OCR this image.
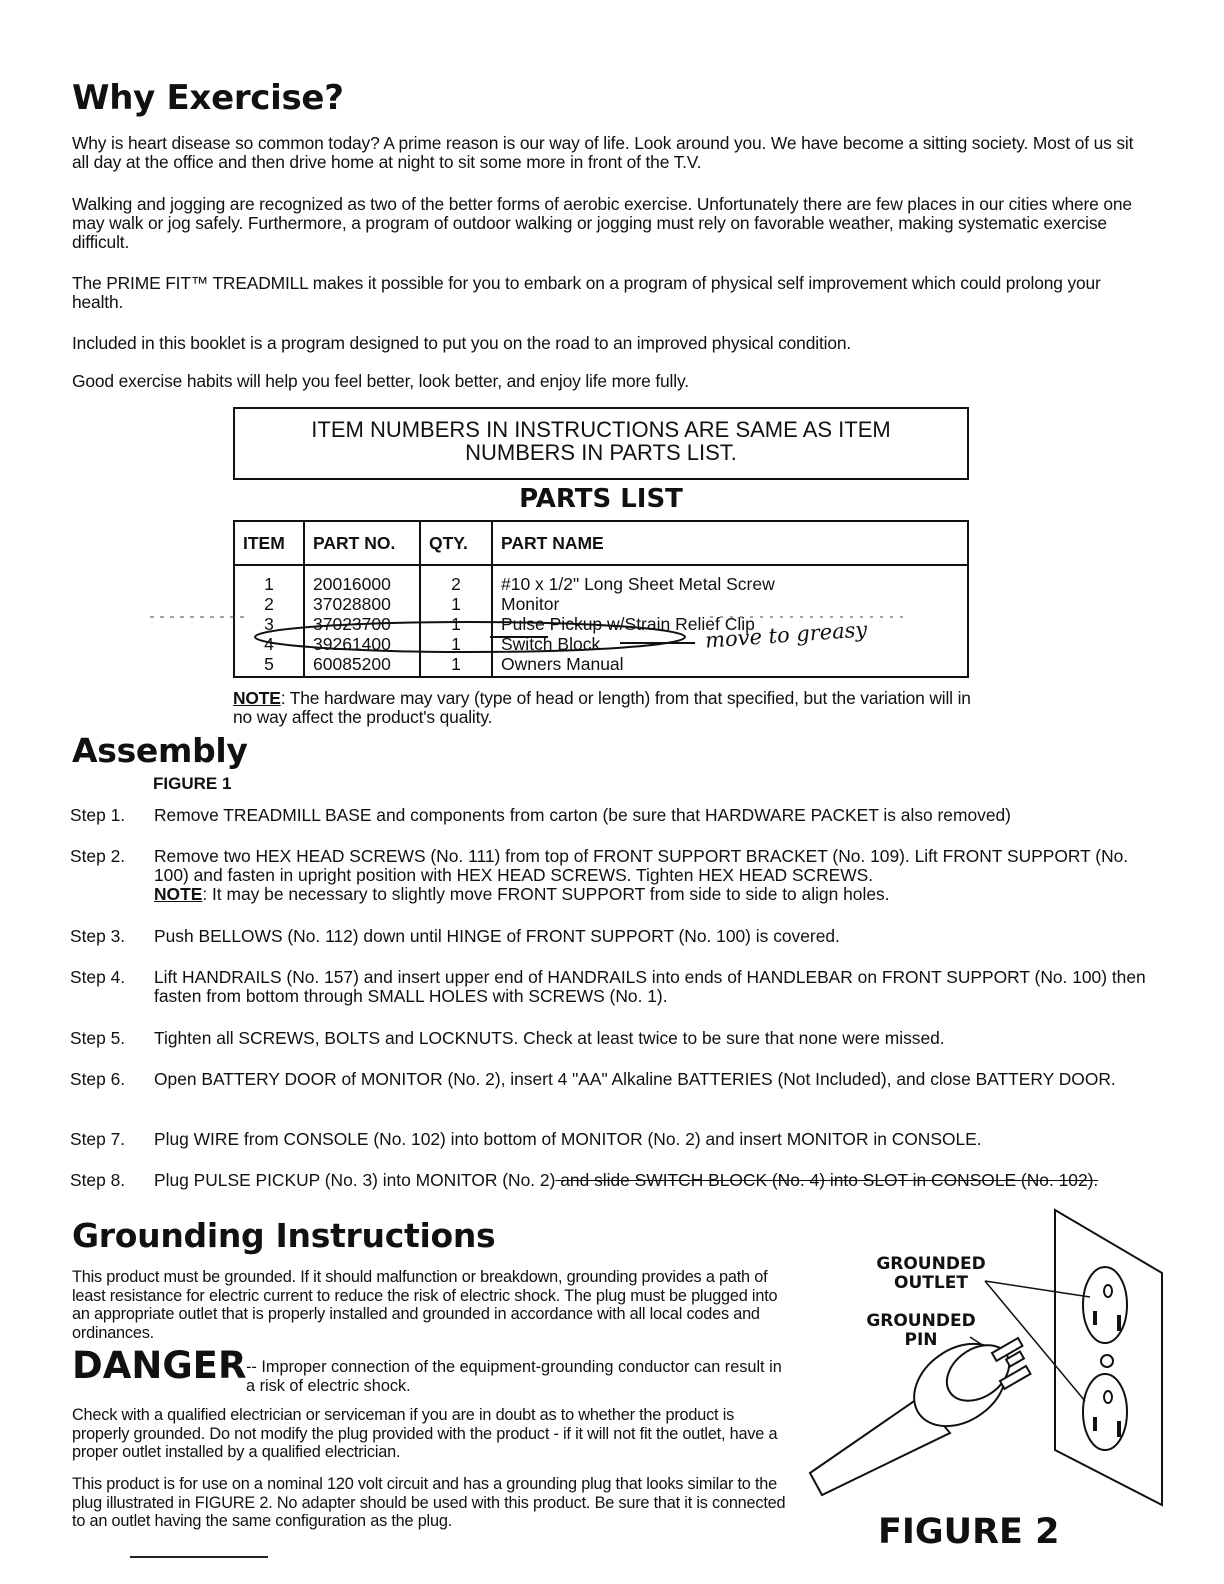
Why Exercise?

Why is heart disease so common today? A prime reason is our way of life. Look around you. We have become a sitting society. Most of us sit all day at the office and then drive home at night to sit some more in front of the T.V.

Walking and jogging are recognized as two of the better forms of aerobic exercise. Unfortunately there are few places in our cities where one may walk or jog safely. Furthermore, a program of outdoor walking or jogging must rely on favorable weather, making systematic exercise difficult.

The PRIME FIT™ TREADMILL makes it possible for you to embark on a program of physical self improvement which could prolong your health.

Included in this booklet is a program designed to put you on the road to an improved physical condition.

Good exercise habits will help you feel better, look better, and enjoy life more fully.

ITEM NUMBERS IN INSTRUCTIONS ARE SAME AS ITEM NUMBERS IN PARTS LIST.
PARTS LIST
ITEM	PART NO.	QTY.	PART NAME
1	20016000	2	#10 x 1/2" Long Sheet Metal Screw
2	37028800	1	Monitor
3	37023700	1	Pulse Pickup w/Strain Relief Clip
4	39261400	1	Switch Block
5	60085200	1	Owners Manual
move to greasy

NOTE: The hardware may vary (type of head or length) from that specified, but the variation will in no way affect the product's quality.

Assembly
FIGURE 1
Step 1. Remove TREADMILL BASE and components from carton (be sure that HARDWARE PACKET is also removed)
Step 2. Remove two HEX HEAD SCREWS (No. 111) from top of FRONT SUPPORT BRACKET (No. 109). Lift FRONT SUPPORT (No. 100) and fasten in upright position with HEX HEAD SCREWS. Tighten HEX HEAD SCREWS.
NOTE: It may be necessary to slightly move FRONT SUPPORT from side to side to align holes.
Step 3. Push BELLOWS (No. 112) down until HINGE of FRONT SUPPORT (No. 100) is covered.
Step 4. Lift HANDRAILS (No. 157) and insert upper end of HANDRAILS into ends of HANDLEBAR on FRONT SUPPORT (No. 100) then fasten from bottom through SMALL HOLES with SCREWS (No. 1).
Step 5. Tighten all SCREWS, BOLTS and LOCKNUTS. Check at least twice to be sure that none were missed.
Step 6. Open BATTERY DOOR of MONITOR (No. 2), insert 4 "AA" Alkaline BATTERIES (Not Included), and close BATTERY DOOR.
Step 7. Plug WIRE from CONSOLE (No. 102) into bottom of MONITOR (No. 2) and insert MONITOR in CONSOLE.
Step 8. Plug PULSE PICKUP (No. 3) into MONITOR (No. 2) and slide SWITCH BLOCK (No. 4) into SLOT in CONSOLE (No. 102).
Grounding Instructions

This product must be grounded. If it should malfunction or breakdown, grounding provides a path of least resistance for electric current to reduce the risk of electric shock. The plug must be plugged into an appropriate outlet that is properly installed and grounded in accordance with all local codes and ordinances.

DANGER -- Improper connection of the equipment-grounding conductor can result in a risk of electric shock.

Check with a qualified electrician or serviceman if you are in doubt as to whether the product is properly grounded. Do not modify the plug provided with the product - if it will not fit the outlet, have a proper outlet installed by a qualified electrician.

This product is for use on a nominal 120 volt circuit and has a grounding plug that looks similar to the plug illustrated in FIGURE 2. No adapter should be used with this product. Be sure that it is connected to an outlet having the same configuration as the plug.

GROUNDED OUTLET
GROUNDED PIN
FIGURE 2
